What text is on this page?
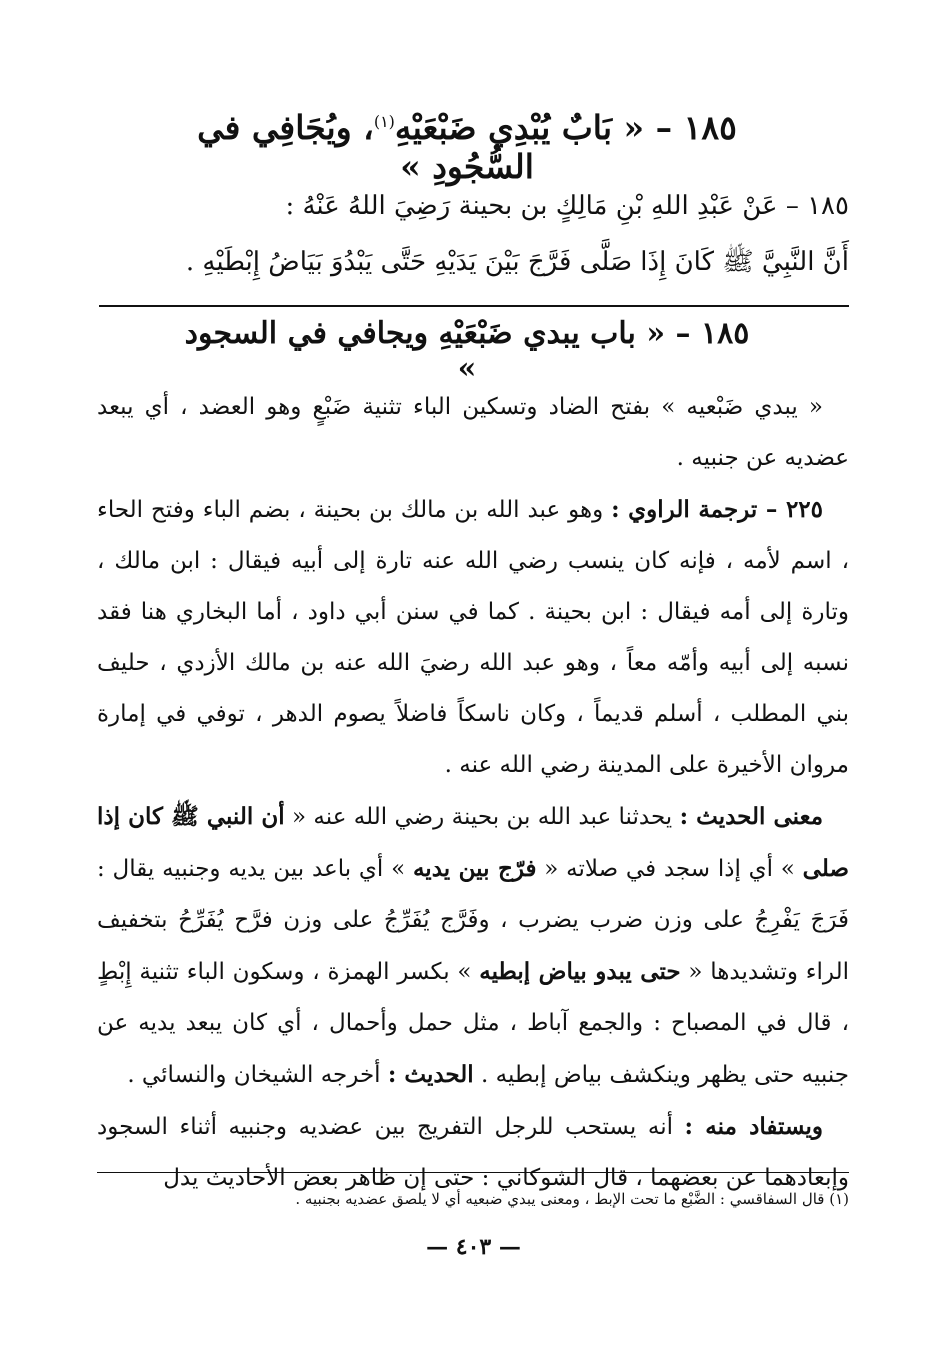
١٨٥ – « بَابٌ يُبْدِي ضَبْعَيْهِ$^{(١)}$، ويُجَافِي في السُّجُودِ »

١٨٥ – عَنْ عَبْدِ اللهِ بْنِ مَالِكٍ بن بحينة رَضِيَ اللهُ عَنْهُ :

أَنَّ النَّبِيَّ ﷺ كَانَ إِذَا صَلَّى فَرَّجَ بَيْنَ يَدَيْهِ حَتَّى يَبْدُوَ بَيَاضُ إِبْطَيْهِ .

١٨٥ – « باب يبدي ضَبْعَيْهِ ويجافي في السجود »

« يبدي ضَبْعيه » بفتح الضاد وتسكين الباء تثنية ضَبْعٍ وهو العضد ، أي يبعد عضديه عن جنبيه .

٢٢٥ – ترجمة الراوي : وهو عبد الله بن مالك بن بحينة ، بضم الباء وفتح الحاء ، اسم لأمه ، فإنه كان ينسب رضي الله عنه تارة إلى أبيه فيقال : ابن مالك ، وتارة إلى أمه فيقال : ابن بحينة . كما في سنن أبي داود ، أما البخاري هنا فقد نسبه إلى أبيه وأمّه معاً ، وهو عبد الله رضيَ الله عنه بن مالك الأزدي ، حليف بني المطلب ، أسلم قديماً ، وكان ناسكاً فاضلاً يصوم الدهر ، توفي في إمارة مروان الأخيرة على المدينة رضي الله عنه .

معنى الحديث : يحدثنا عبد الله بن بحينة رضي الله عنه « أن النبي ﷺ كان إذا صلى » أي إذا سجد في صلاته « فرّج بين يديه » أي باعد بين يديه وجنبيه يقال : فَرَجَ يَفْرِجُ على وزن ضرب يضرب ، وفَرَّج يُفَرِّجُ على وزن فرَّح يُفَرِّحُ بتخفيف الراء وتشديدها « حتى يبدو بياض إبطيه » بكسر الهمزة ، وسكون الباء تثنية إِبْطٍ ، قال في المصباح : والجمع آباط ، مثل حمل وأحمال ، أي كان يبعد يديه عن جنبيه حتى يظهر وينكشف بياض إبطيه . الحديث : أخرجه الشيخان والنسائي .

ويستفاد منه : أنه يستحب للرجل التفريج بين عضديه وجنبيه أثناء السجود وإبعادهما عن بعضهما ، قال الشوكاني : حتى إن ظاهر بعض الأحاديث يدل

(١) قال السفاقسي : الضَّبْع ما تحت الإبط ، ومعنى يبدي ضبعيه أي لا يلصق عضديه بجنبيه .
— ٤٠٣ —
